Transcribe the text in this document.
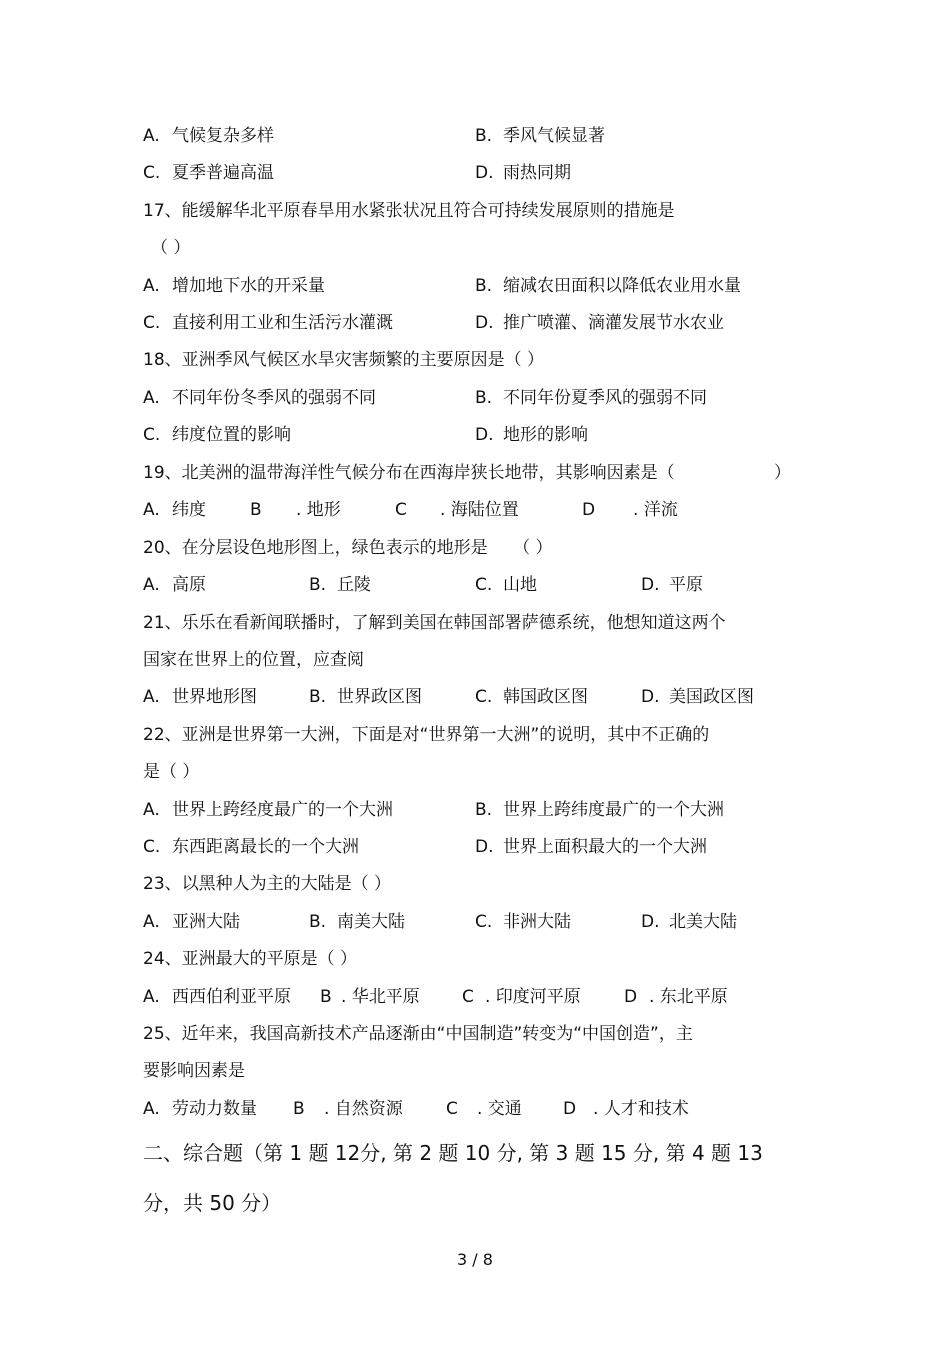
A. 气候复杂多样	B. 季风气候显著
C. 夏季普遍高温	D. 雨热同期
17、能缓解华北平原春旱用水紧张状况且符合可持续发展原则的措施是
（ ）
A. 增加地下水的开采量	B. 缩减农田面积以降低农业用水量
C. 直接利用工业和生活污水灌溉	D. 推广喷灌、滴灌发展节水农业
18、亚洲季风气候区水旱灾害频繁的主要原因是（ ）
A. 不同年份冬季风的强弱不同	B. 不同年份夏季风的强弱不同
C. 纬度位置的影响	D. 地形的影响
19、北美洲的温带海洋性气候分布在西海岸狭长地带，其影响因素是（	）
A. 纬度	B . 地形	C . 海陆位置	D . 洋流
20、在分层设色地形图上，绿色表示的地形是　　（ ）
A. 高原	B. 丘陵	C. 山地	D. 平原
21、乐乐在看新闻联播时，了解到美国在韩国部署萨德系统，他想知道这两个
国家在世界上的位置，应查阅
A. 世界地形图	B. 世界政区图	C. 韩国政区图	D. 美国政区图
22、亚洲是世界第一大洲，下面是对“世界第一大洲”的说明，其中不正确的
是（ ）
A. 世界上跨经度最广的一个大洲	B. 世界上跨纬度最广的一个大洲
C. 东西距离最长的一个大洲	D. 世界上面积最大的一个大洲
23、以黑种人为主的大陆是（ ）
A. 亚洲大陆	B. 南美大陆	C. 非洲大陆	D. 北美大陆
24、亚洲最大的平原是（ ）
A. 西西伯利亚平原 B . 华北平原 C . 印度河平原	D . 东北平原
25、近年来，我国高新技术产品逐渐由“中国制造”转变为“中国创造”，主
要影响因素是
A. 劳动力数量 B . 自然资源	C . 交通 D . 人才和技术
二、综合题（第 1 题 12分, 第 2 题 10 分, 第 3 题 15 分, 第 4 题 13
分，共 50 分）
3 / 8
